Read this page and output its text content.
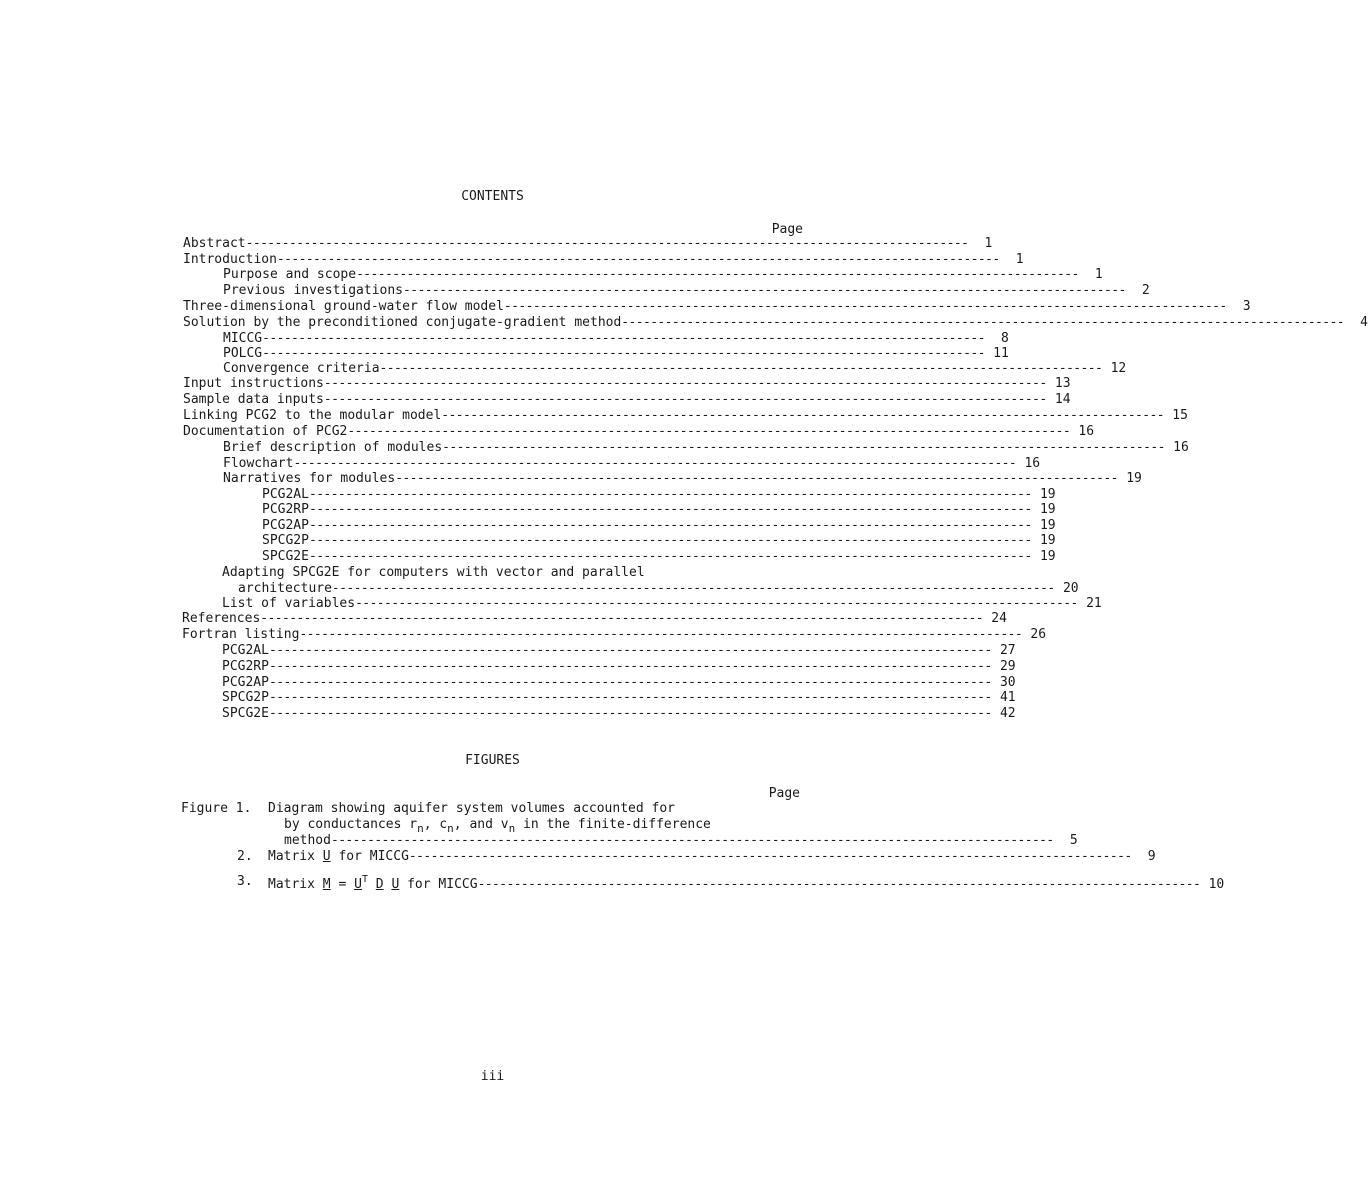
CONTENTS
Page
Abstract ----------------------------------------------------------------------------------------------------	1
Introduction ----------------------------------------------------------------------------------------------------	1
Purpose and scope ----------------------------------------------------------------------------------------------------	1
Previous investigations ----------------------------------------------------------------------------------------------------	2
Three-dimensional ground-water flow model ----------------------------------------------------------------------------------------------------	3
Solution by the preconditioned conjugate-gradient method ----------------------------------------------------------------------------------------------------	4
MICCG ----------------------------------------------------------------------------------------------------	8
POLCG ---------------------------------------------------------------------------------------------------- 11
Convergence criteria ---------------------------------------------------------------------------------------------------- 12
Input instructions ---------------------------------------------------------------------------------------------------- 13
Sample data inputs ---------------------------------------------------------------------------------------------------- 14
Linking PCG2 to the modular model ---------------------------------------------------------------------------------------------------- 15
Documentation of PCG2 ---------------------------------------------------------------------------------------------------- 16
Brief description of modules ---------------------------------------------------------------------------------------------------- 16
Flowchart ---------------------------------------------------------------------------------------------------- 16
Narratives for modules ---------------------------------------------------------------------------------------------------- 19
PCG2AL ---------------------------------------------------------------------------------------------------- 19
PCG2RP ---------------------------------------------------------------------------------------------------- 19
PCG2AP ---------------------------------------------------------------------------------------------------- 19
SPCG2P ---------------------------------------------------------------------------------------------------- 19
SPCG2E ---------------------------------------------------------------------------------------------------- 19
Adapting SPCG2E for computers with vector and parallel
architecture ---------------------------------------------------------------------------------------------------- 20
List of variables ---------------------------------------------------------------------------------------------------- 21
References ---------------------------------------------------------------------------------------------------- 24
Fortran listing ---------------------------------------------------------------------------------------------------- 26
PCG2AL ---------------------------------------------------------------------------------------------------- 27
PCG2RP ---------------------------------------------------------------------------------------------------- 29
PCG2AP ---------------------------------------------------------------------------------------------------- 30
SPCG2P ---------------------------------------------------------------------------------------------------- 41
SPCG2E ---------------------------------------------------------------------------------------------------- 42
FIGURES
Page
Figure 1. Diagram showing aquifer system volumes accounted for
by conductances $r_n$, $c_n$, and $v_n$ in the finite-difference
method ----------------------------------------------------------------------------------------------------	5
2. Matrix U for MICCG ----------------------------------------------------------------------------------------------------	9
3. Matrix $M = U^T$ D U for MICCG ---------------------------------------------------------------------------------------------------- 10
iii
